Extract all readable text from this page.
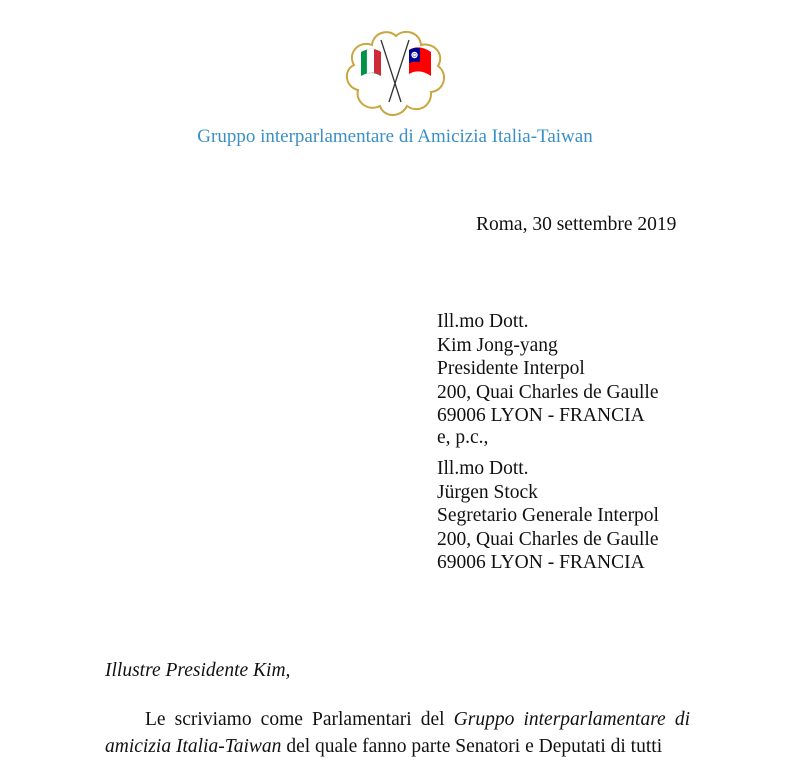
Gruppo interparlamentare di Amicizia Italia-Taiwan
Roma, 30 settembre 2019
Ill.mo Dott.
Kim Jong-yang
Presidente Interpol
200, Quai Charles de Gaulle
69006 LYON - FRANCIA
e, p.c.,
Ill.mo Dott.
Jürgen Stock
Segretario Generale Interpol
200, Quai Charles de Gaulle
69006 LYON - FRANCIA
Illustre Presidente Kim,

Le scriviamo come Parlamentari del Gruppo interparlamentare di amicizia Italia-Taiwan del quale fanno parte Senatori e Deputati di tutti
